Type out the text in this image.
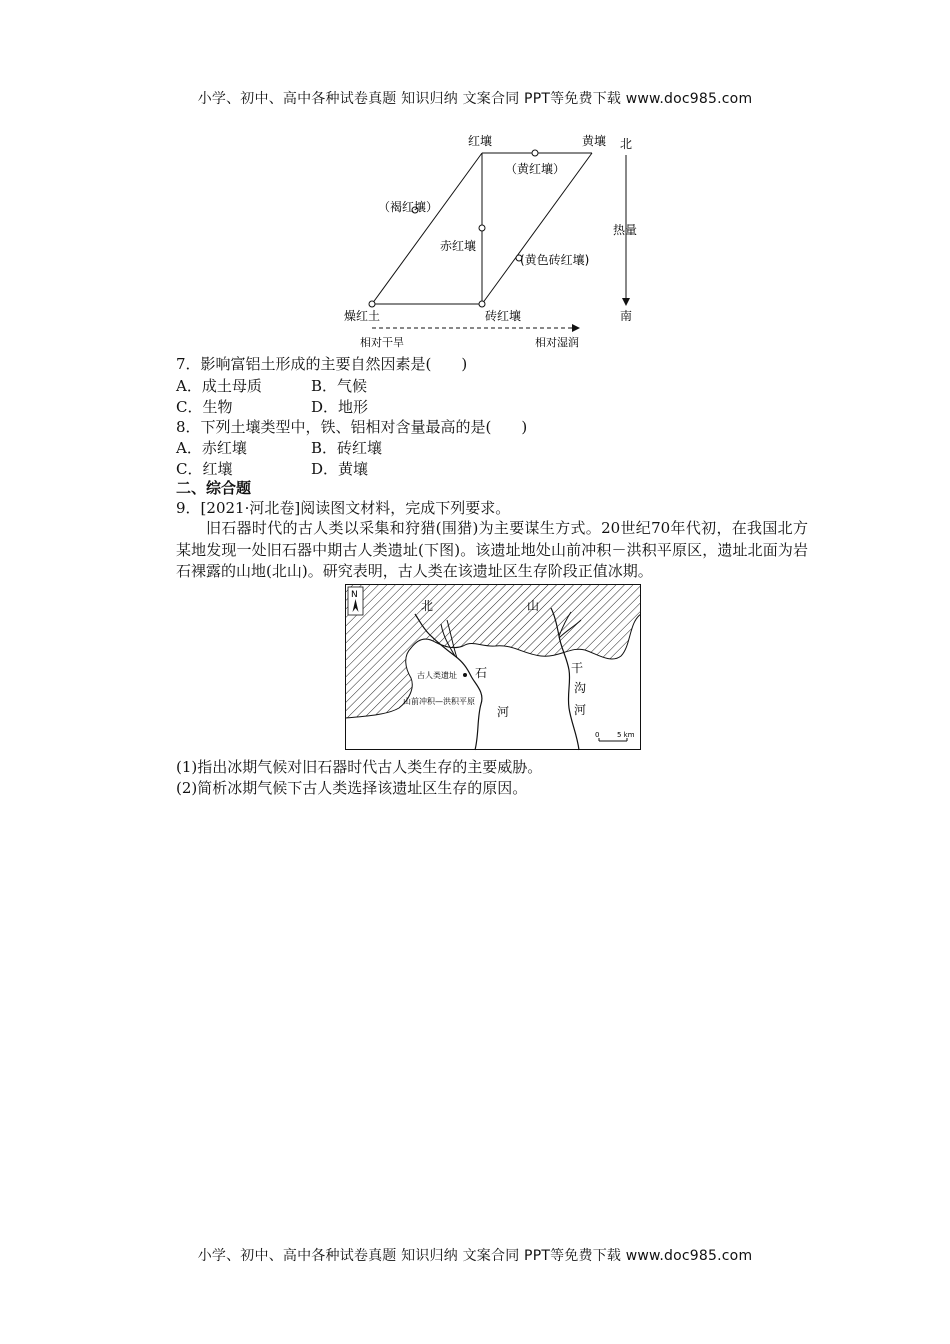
小学、初中、高中各种试卷真题 知识归纳 文案合同 PPT等免费下载 www.doc985.com
红壤	黄壤
（黄红壤）
（褐红壤）
赤红壤
(黄色砖红壤)
燥红土	砖红壤
北
热量
南
相对干旱	相对湿润
7．影响富铝土形成的主要自然因素是(　　)
A．成土母质	B．气候
C．生物	D．地形
8．下列土壤类型中，铁、铝相对含量最高的是(　　)
A．赤红壤	B．砖红壤
C．红壤	D．黄壤
二、综合题
9．[2021·河北卷]阅读图文材料，完成下列要求。
旧石器时代的古人类以采集和狩猎(围猎)为主要谋生方式。20世纪70年代初，在我国北方某地发现一处旧石器中期古人类遗址(下图)。该遗址地处山前冲积－洪积平原区，遗址北面为岩石裸露的山地(北山)。研究表明，古人类在该遗址区生存阶段正值冰期。
N
古人类遗址
山前冲积—洪积平原
北	山
石
河
干
沟
河
0	5 km
(1)指出冰期气候对旧石器时代古人类生存的主要威胁。
(2)简析冰期气候下古人类选择该遗址区生存的原因。
小学、初中、高中各种试卷真题 知识归纳 文案合同 PPT等免费下载 www.doc985.com
